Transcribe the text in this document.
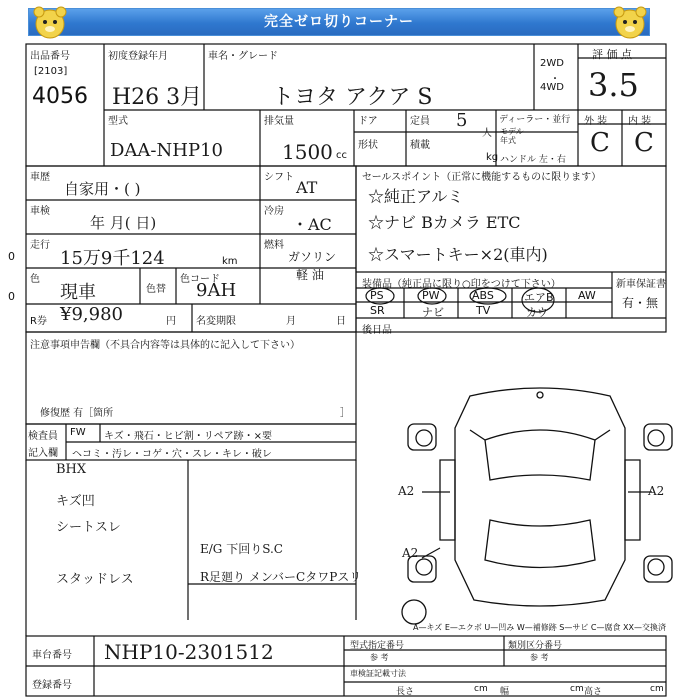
完全ゼロ切りコーナー
出品番号
[2103]
4056
初度登録年月
H26 3月
車名・グレード
トヨタ アクア S
2WD
・
4WD
評 価 点
3.5
型式
DAA-NHP10
排気量
1500 cc
ドア	定員 5
人
形状	積載
kg
ディーラー・並行
モデル
年式
ハンドル 左・右
外 装 内 装
C C
車歴
自家用・( )
シフト
AT
車検
年 月( 日)
冷房
・AC
走行
15万9千124	km
燃料
ガソリン
軽 油
色
現車	色替
色コード
9AH
R券 ¥9,980	円 名変期限	月	日
セールスポイント（正常に機能するものに限ります）
☆純正アルミ
☆ナビ Bカメラ ETC
☆スマートキー×2(車内)
装備品（純正品に限り○印をつけて下さい）
PS	PW	ABS	エアB AW
SR	ナビ	TV	カウ
新車保証書
有・無
後日品
注意事項申告欄（不具合内容等は具体的に記入して下さい）
修復歴 有［箇所	］
検査員
記入欄
FW キズ・飛石・ヒビ割・リペア跡・×要
ヘコミ・汚レ・コゲ・穴・スレ・キレ・破レ
BHX
キズ凹
シートスレ
スタッドレス
E/G 下回りS.C
R足廻り メンバーCタワPスリ
A2	A2
A2
A—キズ E—エクボ U—凹み W—補修跡 S—サビ C—腐食 XX—交換済
車台番号 NHP10-2301512
登録番号
型式指定番号	類別区分番号
参 考	参 考
車検証記載寸法
長さ	cm 幅	cm 高さ	cm
0
0
